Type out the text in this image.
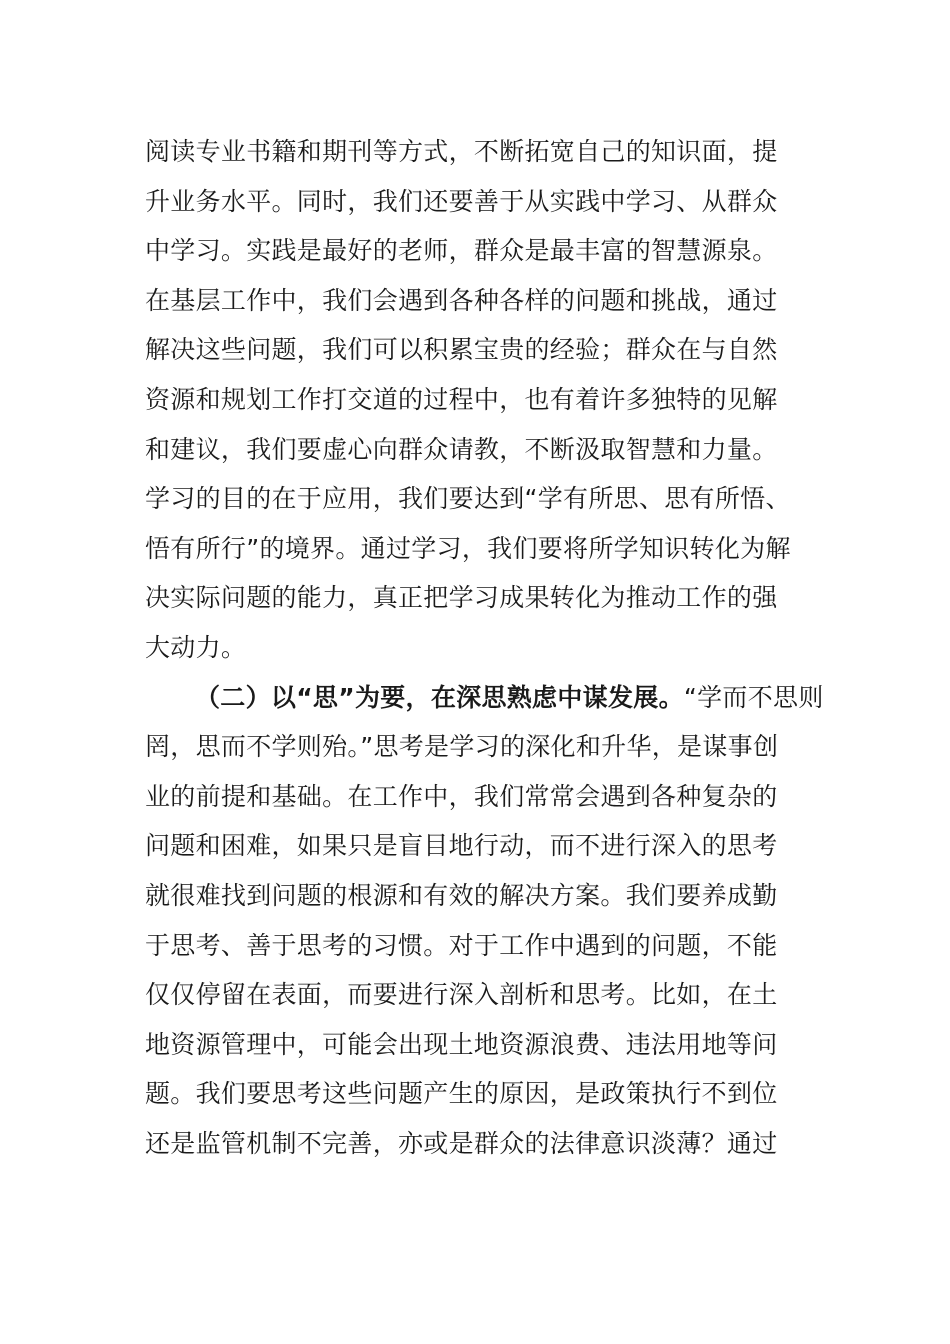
阅读专业书籍和期刊等方式，不断拓宽自己的知识面，提
升业务水平。同时，我们还要善于从实践中学习、从群众
中学习。实践是最好的老师，群众是最丰富的智慧源泉。
在基层工作中，我们会遇到各种各样的问题和挑战，通过
解决这些问题，我们可以积累宝贵的经验；群众在与自然
资源和规划工作打交道的过程中，也有着许多独特的见解
和建议，我们要虚心向群众请教，不断汲取智慧和力量。
学习的目的在于应用，我们要达到“学有所思、思有所悟、
悟有所行”的境界。通过学习，我们要将所学知识转化为解
决实际问题的能力，真正把学习成果转化为推动工作的强
大动力。
（二）以“思”为要，在深思熟虑中谋发展。“学而不思则
罔，思而不学则殆。”思考是学习的深化和升华，是谋事创
业的前提和基础。在工作中，我们常常会遇到各种复杂的
问题和困难，如果只是盲目地行动，而不进行深入的思考
就很难找到问题的根源和有效的解决方案。我们要养成勤
于思考、善于思考的习惯。对于工作中遇到的问题，不能
仅仅停留在表面，而要进行深入剖析和思考。比如，在土
地资源管理中，可能会出现土地资源浪费、违法用地等问
题。我们要思考这些问题产生的原因，是政策执行不到位
还是监管机制不完善，亦或是群众的法律意识淡薄？通过
